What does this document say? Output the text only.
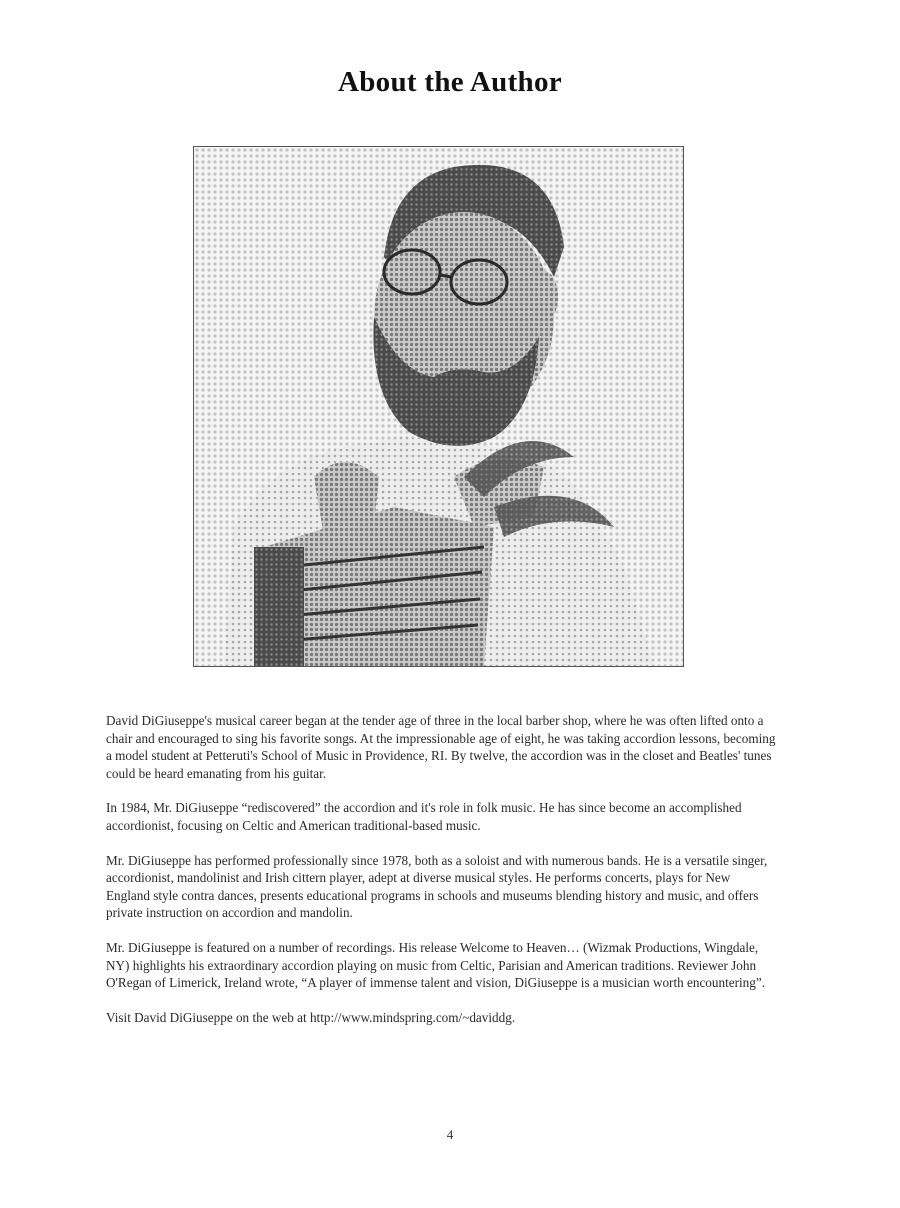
About the Author

David DiGiuseppe's musical career began at the tender age of three in the local barber shop, where he was often lifted onto a chair and encouraged to sing his favorite songs. At the impressionable age of eight, he was taking accordion lessons, becoming a model student at Petteruti's School of Music in Providence, RI. By twelve, the accordion was in the closet and Beatles' tunes could be heard emanating from his guitar.

In 1984, Mr. DiGiuseppe “rediscovered” the accordion and it's role in folk music. He has since become an accomplished accordionist, focusing on Celtic and American traditional-based music.

Mr. DiGiuseppe has performed professionally since 1978, both as a soloist and with numerous bands. He is a versatile singer, accordionist, mandolinist and Irish cittern player, adept at diverse musical styles. He performs concerts, plays for New England style contra dances, presents educational programs in schools and museums blending history and music, and offers private instruction on accordion and mandolin.

Mr. DiGiuseppe is featured on a number of recordings. His release Welcome to Heaven… (Wizmak Productions, Wingdale, NY) highlights his extraordinary accordion playing on music from Celtic, Parisian and American traditions. Reviewer John O'Regan of Limerick, Ireland wrote, “A player of immense talent and vision, DiGiuseppe is a musician worth encountering”.

Visit David DiGiuseppe on the web at http://www.mindspring.com/~daviddg.

4
